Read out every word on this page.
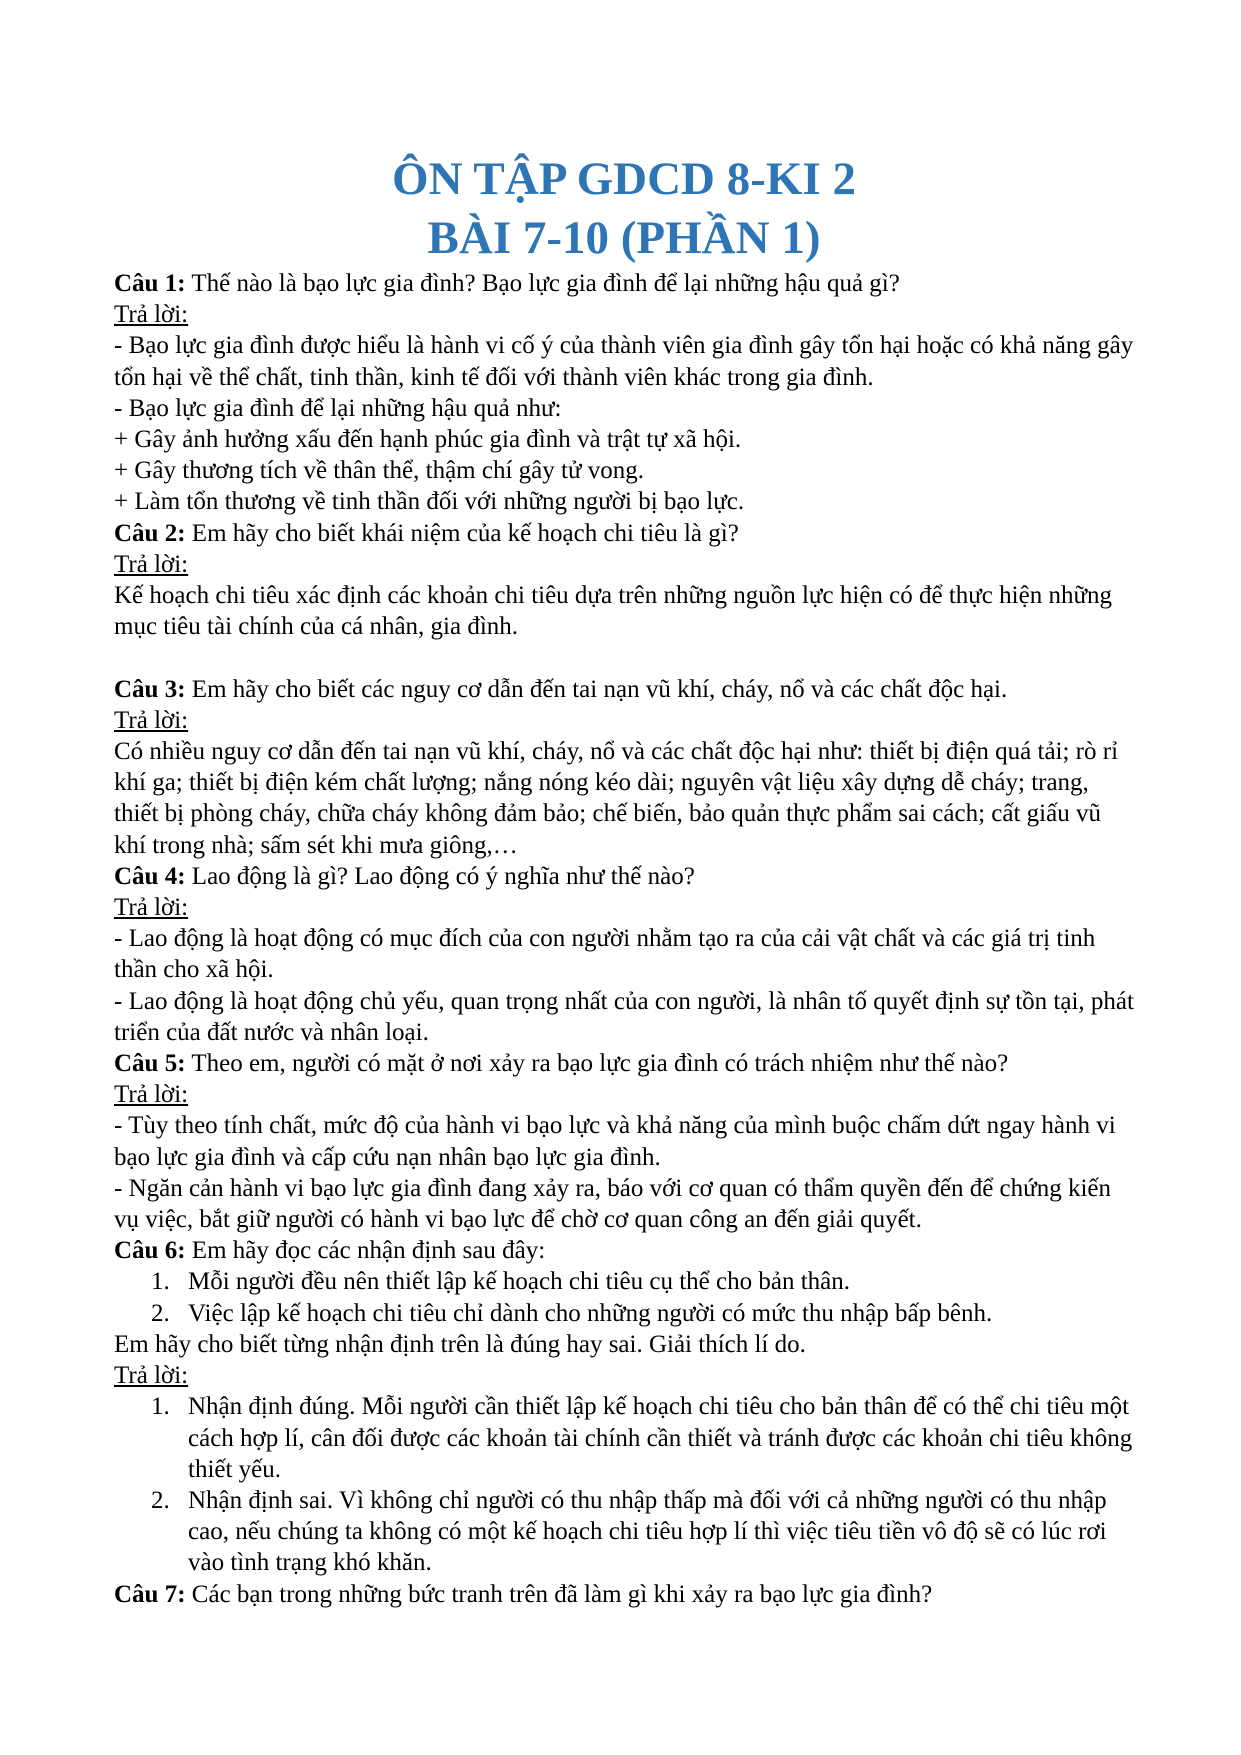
ÔN TẬP GDCD 8-KI 2
BÀI 7-10 (PHẦN 1)
Câu 1: Thế nào là bạo lực gia đình? Bạo lực gia đình để lại những hậu quả gì?
Trả lời:
- Bạo lực gia đình được hiểu là hành vi cố ý của thành viên gia đình gây tổn hại hoặc có khả năng gây tổn hại về thể chất, tinh thần, kinh tế đối với thành viên khác trong gia đình.
- Bạo lực gia đình để lại những hậu quả như:
+ Gây ảnh hưởng xấu đến hạnh phúc gia đình và trật tự xã hội.
+ Gây thương tích về thân thể, thậm chí gây tử vong.
+ Làm tổn thương về tinh thần đối với những người bị bạo lực.
Câu 2: Em hãy cho biết khái niệm của kế hoạch chi tiêu là gì?
Trả lời:
Kế hoạch chi tiêu xác định các khoản chi tiêu dựa trên những nguồn lực hiện có để thực hiện những mục tiêu tài chính của cá nhân, gia đình.
Câu 3: Em hãy cho biết các nguy cơ dẫn đến tai nạn vũ khí, cháy, nổ và các chất độc hại.
Trả lời:
Có nhiều nguy cơ dẫn đến tai nạn vũ khí, cháy, nổ và các chất độc hại như: thiết bị điện quá tải; rò rỉ khí ga; thiết bị điện kém chất lượng; nắng nóng kéo dài; nguyên vật liệu xây dựng dễ cháy; trang, thiết bị phòng cháy, chữa cháy không đảm bảo; chế biến, bảo quản thực phẩm sai cách; cất giấu vũ khí trong nhà; sấm sét khi mưa giông,…
Câu 4: Lao động là gì? Lao động có ý nghĩa như thế nào?
Trả lời:
- Lao động là hoạt động có mục đích của con người nhằm tạo ra của cải vật chất và các giá trị tinh thần cho xã hội.
- Lao động là hoạt động chủ yếu, quan trọng nhất của con người, là nhân tố quyết định sự tồn tại, phát triển của đất nước và nhân loại.
Câu 5: Theo em, người có mặt ở nơi xảy ra bạo lực gia đình có trách nhiệm như thế nào?
Trả lời:
- Tùy theo tính chất, mức độ của hành vi bạo lực và khả năng của mình buộc chấm dứt ngay hành vi bạo lực gia đình và cấp cứu nạn nhân bạo lực gia đình.
- Ngăn cản hành vi bạo lực gia đình đang xảy ra, báo với cơ quan có thẩm quyền đến để chứng kiến vụ việc, bắt giữ người có hành vi bạo lực để chờ cơ quan công an đến giải quyết.
Câu 6: Em hãy đọc các nhận định sau đây:
1. Mỗi người đều nên thiết lập kế hoạch chi tiêu cụ thể cho bản thân.
2. Việc lập kế hoạch chi tiêu chỉ dành cho những người có mức thu nhập bấp bênh.
Em hãy cho biết từng nhận định trên là đúng hay sai. Giải thích lí do.
Trả lời:
1. Nhận định đúng. Mỗi người cần thiết lập kế hoạch chi tiêu cho bản thân để có thể chi tiêu một cách hợp lí, cân đối được các khoản tài chính cần thiết và tránh được các khoản chi tiêu không thiết yếu.
2. Nhận định sai. Vì không chỉ người có thu nhập thấp mà đối với cả những người có thu nhập cao, nếu chúng ta không có một kế hoạch chi tiêu hợp lí thì việc tiêu tiền vô độ sẽ có lúc rơi vào tình trạng khó khăn.
Câu 7: Các bạn trong những bức tranh trên đã làm gì khi xảy ra bạo lực gia đình?
